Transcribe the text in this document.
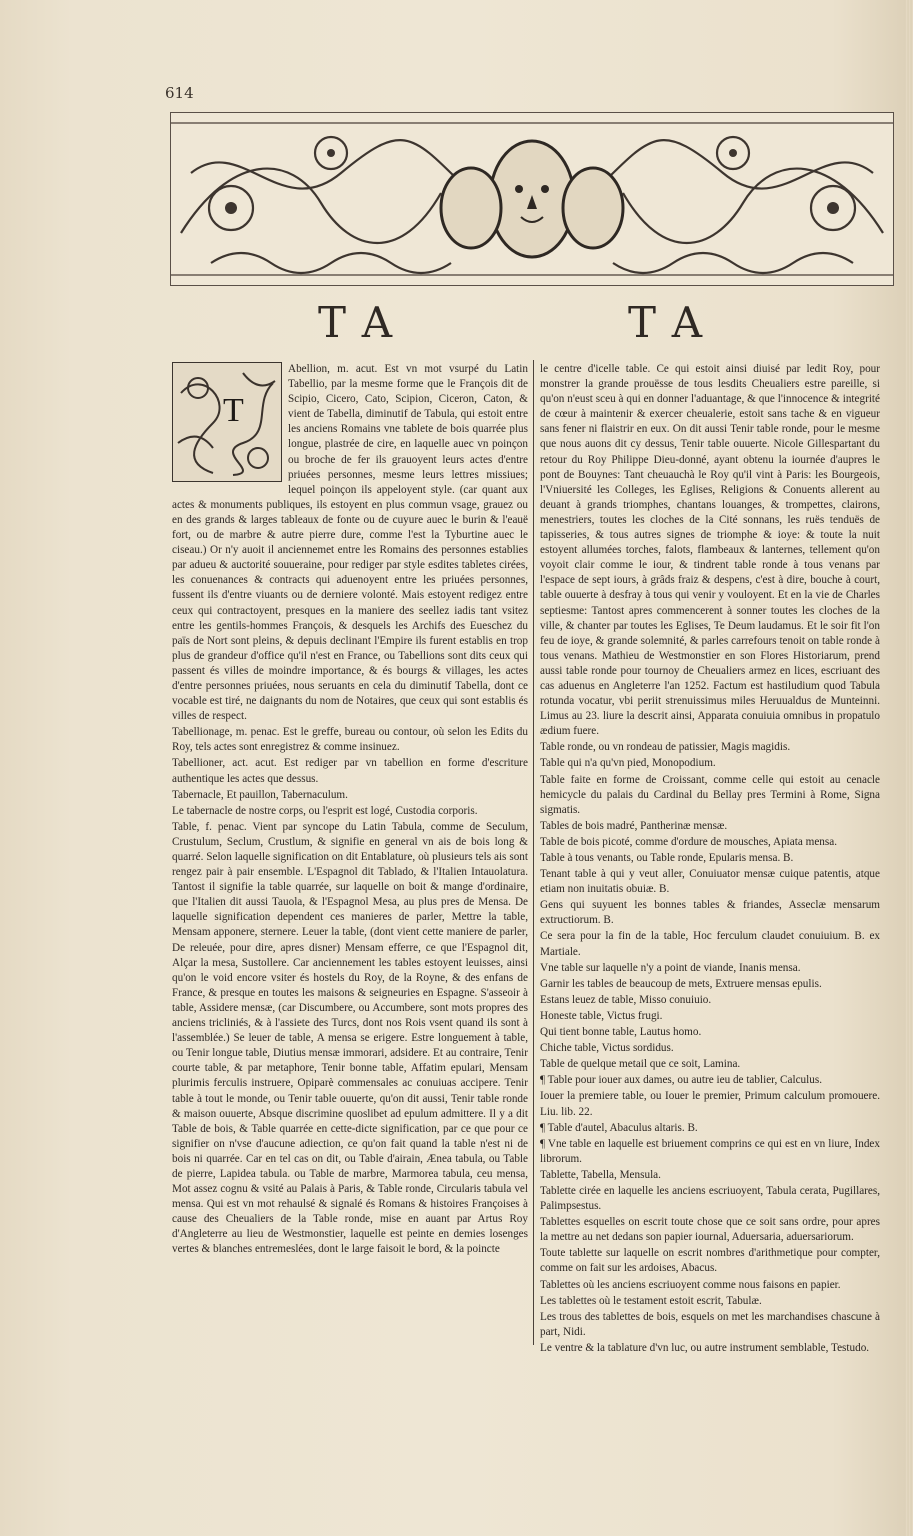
614
TA	TA
T

Abellion, m. acut. Est vn mot vsurpé du Latin Tabellio, par la mesme forme que le François dit de Scipio, Cicero, Cato, Scipion, Ciceron, Caton, & vient de Tabella, diminutif de Tabula, qui estoit entre les anciens Romains vne tablete de bois quarrée plus longue, plastrée de cire, en laquelle auec vn poinçon ou broche de fer ils grauoyent leurs actes d'entre priuées personnes, mesme leurs lettres missiues; lequel poinçon ils appeloyent style. (car quant aux actes & monuments publiques, ils estoyent en plus commun vsage, grauez ou en des grands & larges tableaux de fonte ou de cuyure auec le burin & l'eauë fort, ou de marbre & autre pierre dure, comme l'est la Tyburtine auec le ciseau.) Or n'y auoit il anciennemet entre les Romains des personnes establies par adueu & auctorité souueraine, pour rediger par style esdites tabletes cirées, les conuenances & contracts qui aduenoyent entre les priuées personnes, fussent ils d'entre viuants ou de derniere volonté. Mais estoyent redigez entre ceux qui contractoyent, presques en la maniere des seellez iadis tant vsitez entre les gentils-hommes François, & desquels les Archifs des Eueschez du païs de Nort sont pleins, & depuis declinant l'Empire ils furent establis en trop plus de grandeur d'office qu'il n'est en France, ou Tabellions sont dits ceux qui passent és villes de moindre importance, & és bourgs & villages, les actes d'entre personnes priuées, nous seruants en cela du diminutif Tabella, dont ce vocable est tiré, ne daignants du nom de Notaires, que ceux qui sont establis és villes de respect.

Tabellionage, m. penac. Est le greffe, bureau ou contour, où selon les Edits du Roy, tels actes sont enregistrez & comme insinuez.

Tabellioner, act. acut. Est rediger par vn tabellion en forme d'escriture authentique les actes que dessus.

Tabernacle, Et pauillon, Tabernaculum.

Le tabernacle de nostre corps, ou l'esprit est logé, Custodia corporis.

Table, f. penac. Vient par syncope du Latin Tabula, comme de Seculum, Crustulum, Seclum, Crustlum, & signifie en general vn ais de bois long & quarré. Selon laquelle signification on dit Entablature, où plusieurs tels ais sont rengez pair à pair ensemble. L'Espagnol dit Tablado, & l'Italien Intauolatura. Tantost il signifie la table quarrée, sur laquelle on boit & mange d'ordinaire, que l'Italien dit aussi Tauola, & l'Espagnol Mesa, au plus pres de Mensa. De laquelle signification dependent ces manieres de parler, Mettre la table, Mensam apponere, sternere. Leuer la table, (dont vient cette maniere de parler, De releuée, pour dire, apres disner) Mensam efferre, ce que l'Espagnol dit, Alçar la mesa, Sustollere. Car anciennement les tables estoyent leuisses, ainsi qu'on le void encore vsiter és hostels du Roy, de la Royne, & des enfans de France, & presque en toutes les maisons & seigneuries en Espagne. S'asseoir à table, Assidere mensæ, (car Discumbere, ou Accumbere, sont mots propres des anciens tricliniés, & à l'assiete des Turcs, dont nos Rois vsent quand ils sont à l'assemblée.) Se leuer de table, A mensa se erigere. Estre longuement à table, ou Tenir longue table, Diutius mensæ immorari, adsidere. Et au contraire, Tenir courte table, & par metaphore, Tenir bonne table, Affatim epulari, Mensam plurimis ferculis instruere, Opiparè commensales ac conuiuas accipere. Tenir table à tout le monde, ou Tenir table ouuerte, qu'on dit aussi, Tenir table ronde & maison ouuerte, Absque discrimine quoslibet ad epulum admittere. Il y a dit Table de bois, & Table quarrée en cette-dicte signification, par ce que pour ce signifier on n'vse d'aucune adiection, ce qu'on fait quand la table n'est ni de bois ni quarrée. Car en tel cas on dit, ou Table d'airain, Ænea tabula, ou Table de pierre, Lapidea tabula. ou Table de marbre, Marmorea tabula, ceu mensa, Mot assez cognu & vsité au Palais à Paris, & Table ronde, Circularis tabula vel mensa. Qui est vn mot rehaulsé & signalé és Romans & histoires Françoises à cause des Cheualiers de la Table ronde, mise en auant par Artus Roy d'Angleterre au lieu de Westmonstier, laquelle est peinte en demies losenges vertes & blanches entremeslées, dont le large faisoit le bord, & la poincte

le centre d'icelle table. Ce qui estoit ainsi diuisé par ledit Roy, pour monstrer la grande prouësse de tous lesdits Cheualiers estre pareille, si qu'on n'eust sceu à qui en donner l'aduantage, & que l'innocence & integrité de cœur à maintenir & exercer cheualerie, estoit sans tache & en vigueur sans fener ni flaistrir en eux. On dit aussi Tenir table ronde, pour le mesme que nous auons dit cy dessus, Tenir table ouuerte. Nicole Gillespartant du retour du Roy Philippe Dieu-donné, ayant obtenu la iournée d'aupres le pont de Bouynes: Tant cheuauchà le Roy qu'il vint à Paris: les Bourgeois, l'Vniuersité les Colleges, les Eglises, Religions & Conuents allerent au deuant à grands triomphes, chantans louanges, & trompettes, clairons, menestriers, toutes les cloches de la Cité sonnans, les ruës tenduës de tapisseries, & tous autres signes de triomphe & ioye: & toute la nuit estoyent allumées torches, falots, flambeaux & lanternes, tellement qu'on voyoit clair comme le iour, & tindrent table ronde à tous venans par l'espace de sept iours, à grâds fraiz & despens, c'est à dire, bouche à court, table ouuerte à desfray à tous qui venir y vouloyent. Et en la vie de Charles septiesme: Tantost apres commencerent à sonner toutes les cloches de la ville, & chanter par toutes les Eglises, Te Deum laudamus. Et le soir fit l'on feu de ioye, & grande solemnité, & parles carrefours tenoit on table ronde à tous venans. Mathieu de Westmonstier en son Flores Historiarum, prend aussi table ronde pour tournoy de Cheualiers armez en lices, escriuant des cas aduenus en Angleterre l'an 1252. Factum est hastiludium quod Tabula rotunda vocatur, vbi periit strenuissimus miles Heruualdus de Munteinni. Limus au 23. liure la descrit ainsi, Apparata conuiuia omnibus in propatulo ædium fuere.

Table ronde, ou vn rondeau de patissier, Magis magidis.

Table qui n'a qu'vn pied, Monopodium.

Table faite en forme de Croissant, comme celle qui estoit au cenacle hemicycle du palais du Cardinal du Bellay pres Termini à Rome, Signa sigmatis.

Tables de bois madré, Pantherinæ mensæ.

Table de bois picoté, comme d'ordure de mousches, Apiata mensa.

Table à tous venants, ou Table ronde, Epularis mensa. B.

Tenant table à qui y veut aller, Conuiuator mensæ cuique patentis, atque etiam non inuitatis obuiæ. B.

Gens qui suyuent les bonnes tables & friandes, Asseclæ mensarum extructiorum. B.

Ce sera pour la fin de la table, Hoc ferculum claudet conuiuium. B. ex Martiale.

Vne table sur laquelle n'y a point de viande, Inanis mensa.

Garnir les tables de beaucoup de mets, Extruere mensas epulis.

Estans leuez de table, Misso conuiuio.

Honeste table, Victus frugi.

Qui tient bonne table, Lautus homo.

Chiche table, Victus sordidus.

Table de quelque metail que ce soit, Lamina.

¶ Table pour iouer aux dames, ou autre ieu de tablier, Calculus.

Iouer la premiere table, ou Iouer le premier, Primum calculum promouere. Liu. lib. 22.

¶ Table d'autel, Abaculus altaris. B.

¶ Vne table en laquelle est briuement comprins ce qui est en vn liure, Index librorum.

Tablette, Tabella, Mensula.

Tablette cirée en laquelle les anciens escriuoyent, Tabula cerata, Pugillares, Palimpsestus.

Tablettes esquelles on escrit toute chose que ce soit sans ordre, pour apres la mettre au net dedans son papier iournal, Aduersaria, aduersariorum.

Toute tablette sur laquelle on escrit nombres d'arithmetique pour compter, comme on fait sur les ardoises, Abacus.

Tablettes où les anciens escriuoyent comme nous faisons en papier.

Les tablettes où le testament estoit escrit, Tabulæ.

Les trous des tablettes de bois, esquels on met les marchandises chascune à part, Nidi.

Le ventre & la tablature d'vn luc, ou autre instrument semblable, Testudo.
